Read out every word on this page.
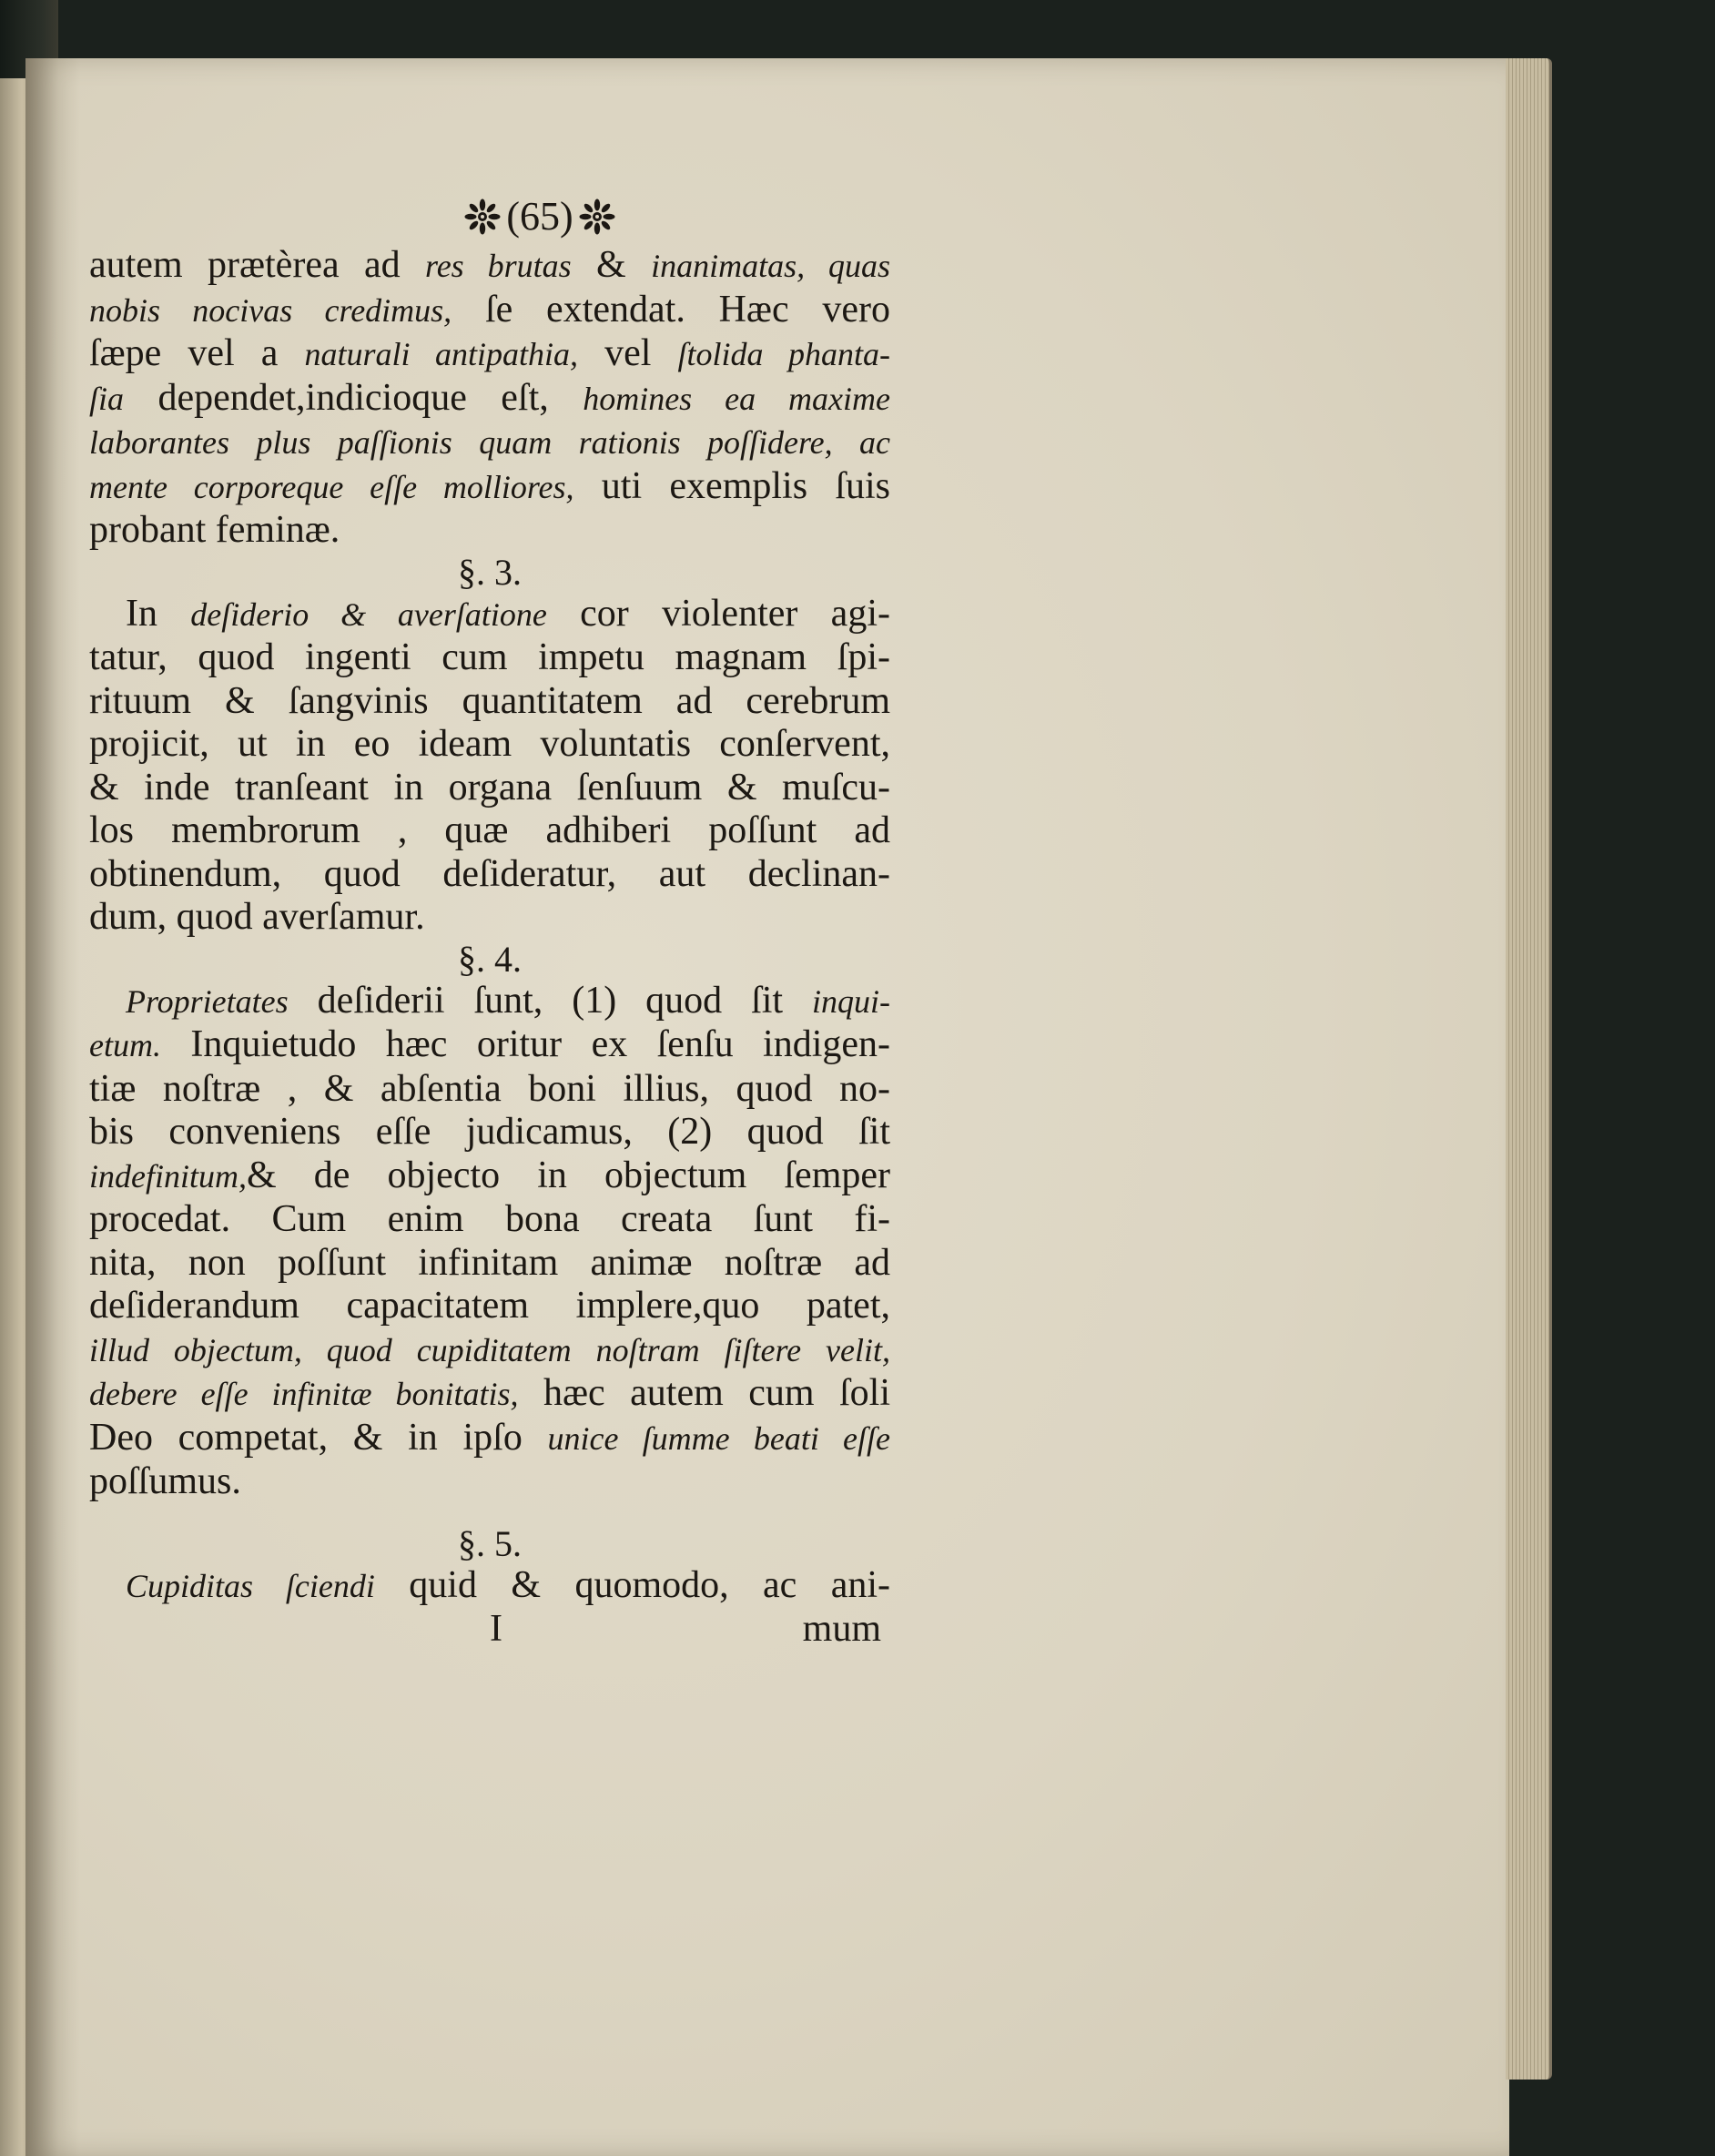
(65)
autem prætèrea ad res brutas & inanimatas, quas
nobis nocivas credimus, ſe extendat. Hæc vero
ſæpe vel a naturali antipathia, vel ſtolida phanta-
ſia dependet,indicioque eſt, homines ea maxime
laborantes plus paſſionis quam rationis poſſidere, ac
mente corporeque eſſe molliores, uti exemplis ſuis
probant feminæ.
§. 3.
In deſiderio & averſatione cor violenter agi-
tatur, quod ingenti cum impetu magnam ſpi-
rituum & ſangvinis quantitatem ad cerebrum
projicit, ut in eo ideam voluntatis conſervent,
& inde tranſeant in organa ſenſuum & muſcu-
los membrorum , quæ adhiberi poſſunt ad
obtinendum, quod deſideratur, aut declinan-
dum, quod averſamur.
§. 4.
Proprietates deſiderii ſunt, (1) quod ſit inqui-
etum. Inquietudo hæc oritur ex ſenſu indigen-
tiæ noſtræ , & abſentia boni illius, quod no-
bis conveniens eſſe judicamus, (2) quod ſit
indefinitum,& de objecto in objectum ſemper
procedat. Cum enim bona creata ſunt fi-
nita, non poſſunt infinitam animæ noſtræ ad
deſiderandum capacitatem implere,quo patet,
illud objectum, quod cupiditatem noſtram ſiſtere velit,
debere eſſe infinitæ bonitatis, hæc autem cum ſoli
Deo competat, & in ipſo unice ſumme beati eſſe
poſſumus.
§. 5.
Cupiditas ſciendi quid & quomodo, ac ani-
I	mum
